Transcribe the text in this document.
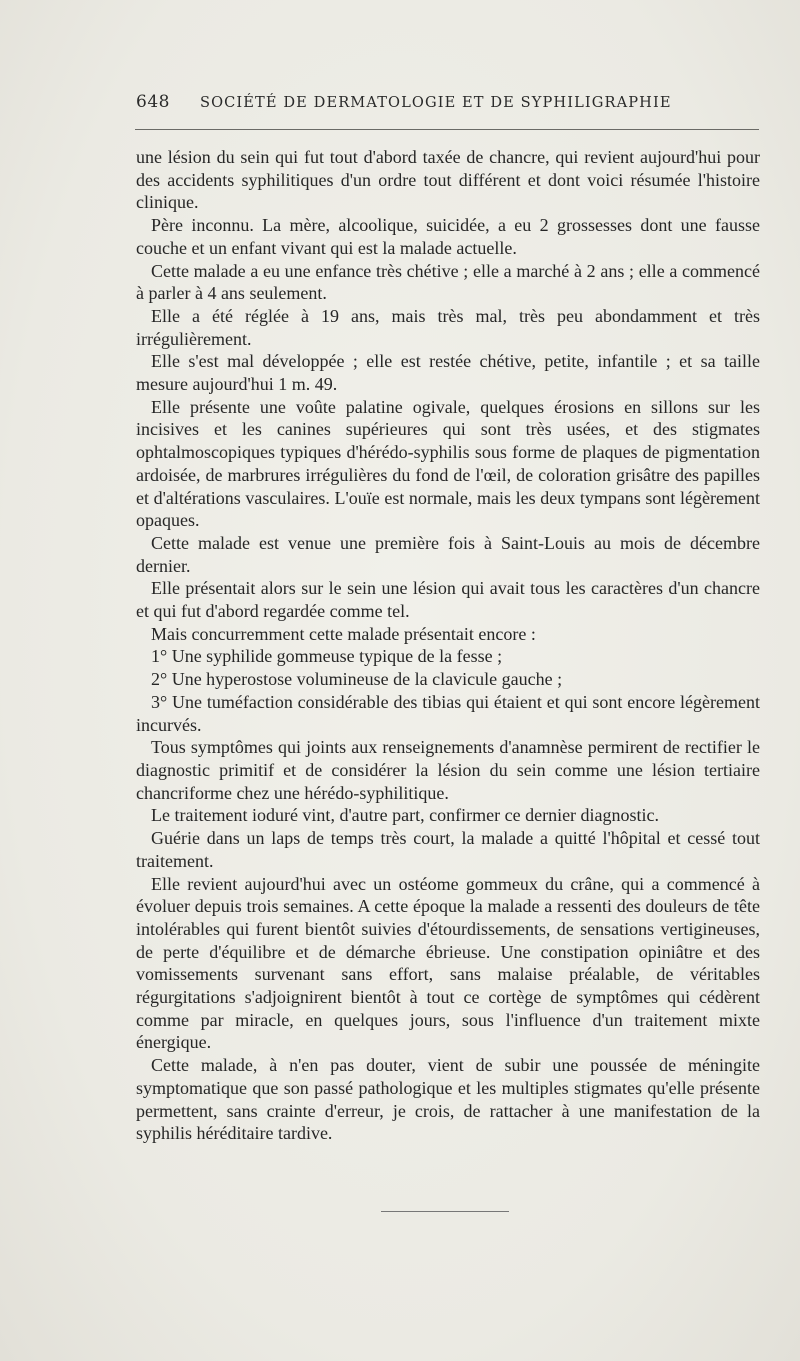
648 SOCIÉTÉ DE DERMATOLOGIE ET DE SYPHILIGRAPHIE

une lésion du sein qui fut tout d'abord taxée de chancre, qui revient aujourd'hui pour des accidents syphilitiques d'un ordre tout différent et dont voici résumée l'histoire clinique.

Père inconnu. La mère, alcoolique, suicidée, a eu 2 grossesses dont une fausse couche et un enfant vivant qui est la malade actuelle.

Cette malade a eu une enfance très chétive ; elle a marché à 2 ans ; elle a commencé à parler à 4 ans seulement.

Elle a été réglée à 19 ans, mais très mal, très peu abondamment et très irrégulièrement.

Elle s'est mal développée ; elle est restée chétive, petite, infantile ; et sa taille mesure aujourd'hui 1 m. 49.

Elle présente une voûte palatine ogivale, quelques érosions en sillons sur les incisives et les canines supérieures qui sont très usées, et des stigmates ophtalmoscopiques typiques d'hérédo-syphilis sous forme de plaques de pigmentation ardoisée, de marbrures irrégulières du fond de l'œil, de coloration grisâtre des papilles et d'altérations vasculaires. L'ouïe est normale, mais les deux tympans sont légèrement opaques.

Cette malade est venue une première fois à Saint-Louis au mois de décembre dernier.

Elle présentait alors sur le sein une lésion qui avait tous les caractères d'un chancre et qui fut d'abord regardée comme tel.

Mais concurremment cette malade présentait encore :

1° Une syphilide gommeuse typique de la fesse ;

2° Une hyperostose volumineuse de la clavicule gauche ;

3° Une tuméfaction considérable des tibias qui étaient et qui sont encore légèrement incurvés.

Tous symptômes qui joints aux renseignements d'anamnèse permirent de rectifier le diagnostic primitif et de considérer la lésion du sein comme une lésion tertiaire chancriforme chez une hérédo-syphilitique.

Le traitement ioduré vint, d'autre part, confirmer ce dernier diagnostic.

Guérie dans un laps de temps très court, la malade a quitté l'hôpital et cessé tout traitement.

Elle revient aujourd'hui avec un ostéome gommeux du crâne, qui a commencé à évoluer depuis trois semaines. A cette époque la malade a ressenti des douleurs de tête intolérables qui furent bientôt suivies d'étourdissements, de sensations vertigineuses, de perte d'équilibre et de démarche ébrieuse. Une constipation opiniâtre et des vomissements survenant sans effort, sans malaise préalable, de véritables régurgitations s'adjoignirent bientôt à tout ce cortège de symptômes qui cédèrent comme par miracle, en quelques jours, sous l'influence d'un traitement mixte énergique.

Cette malade, à n'en pas douter, vient de subir une poussée de méningite symptomatique que son passé pathologique et les multiples stigmates qu'elle présente permettent, sans crainte d'erreur, je crois, de rattacher à une manifestation de la syphilis héréditaire tardive.
